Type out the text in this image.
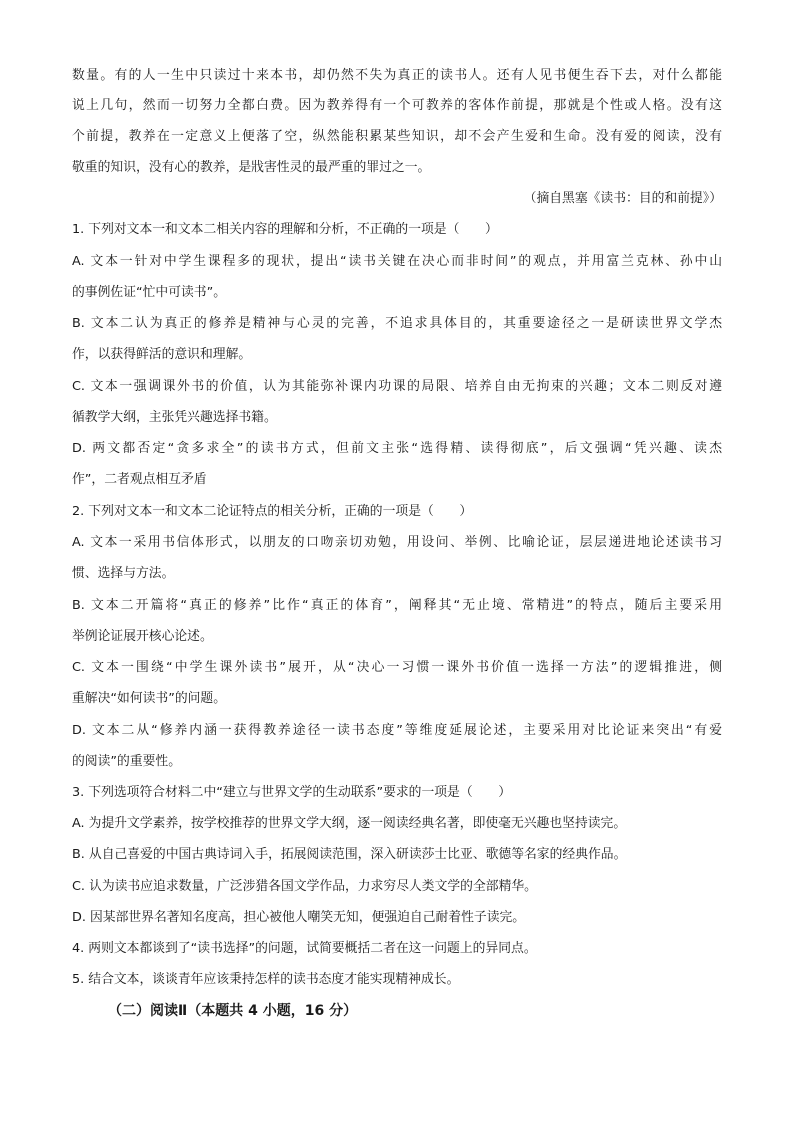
数量。有的人一生中只读过十来本书，却仍然不失为真正的读书人。还有人见书便生吞下去，对什么都能
说上几句，然而一切努力全都白费。因为教养得有一个可教养的客体作前提，那就是个性或人格。没有这
个前提，教养在一定意义上便落了空，纵然能积累某些知识，却不会产生爱和生命。没有爱的阅读，没有
敬重的知识，没有心的教养，是戕害性灵的最严重的罪过之一。
（摘自黑塞《读书：目的和前提》）
1. 下列对文本一和文本二相关内容的理解和分析，不正确的一项是（　　）
A. 文本一针对中学生课程多的现状，提出“读书关键在决心而非时间”的观点，并用富兰克林、孙中山
的事例佐证“忙中可读书”。
B. 文本二认为真正的修养是精神与心灵的完善，不追求具体目的，其重要途径之一是研读世界文学杰
作，以获得鲜活的意识和理解。
C. 文本一强调课外书的价值，认为其能弥补课内功课的局限、培养自由无拘束的兴趣；文本二则反对遵
循教学大纲，主张凭兴趣选择书籍。
D. 两文都否定“贪多求全”的读书方式，但前文主张“选得精、读得彻底”，后文强调“凭兴趣、读杰
作”，二者观点相互矛盾
2. 下列对文本一和文本二论证特点的相关分析，正确的一项是（　　）
A. 文本一采用书信体形式，以朋友的口吻亲切劝勉，用设问、举例、比喻论证，层层递进地论述读书习
惯、选择与方法。
B. 文本二开篇将“真正的修养”比作“真正的体育”，阐释其“无止境、常精进”的特点，随后主要采用
举例论证展开核心论述。
C. 文本一围绕“中学生课外读书”展开，从“决心一习惯一课外书价值一选择一方法”的逻辑推进，侧
重解决“如何读书”的问题。
D. 文本二从“修养内涵一获得教养途径一读书态度”等维度延展论述，主要采用对比论证来突出“有爱
的阅读”的重要性。
3. 下列选项符合材料二中“建立与世界文学的生动联系”要求的一项是（　　）
A. 为提升文学素养，按学校推荐的世界文学大纲，逐一阅读经典名著，即使毫无兴趣也坚持读完。
B. 从自己喜爱的中国古典诗词入手，拓展阅读范围，深入研读莎士比亚、歌德等名家的经典作品。
C. 认为读书应追求数量，广泛涉猎各国文学作品，力求穷尽人类文学的全部精华。
D. 因某部世界名著知名度高，担心被他人嘲笑无知，便强迫自己耐着性子读完。
4. 两则文本都谈到了“读书选择”的问题，试简要概括二者在这一问题上的异同点。
5. 结合文本，谈谈青年应该秉持怎样的读书态度才能实现精神成长。
（二）阅读Ⅱ（本题共 4 小题，16 分）
